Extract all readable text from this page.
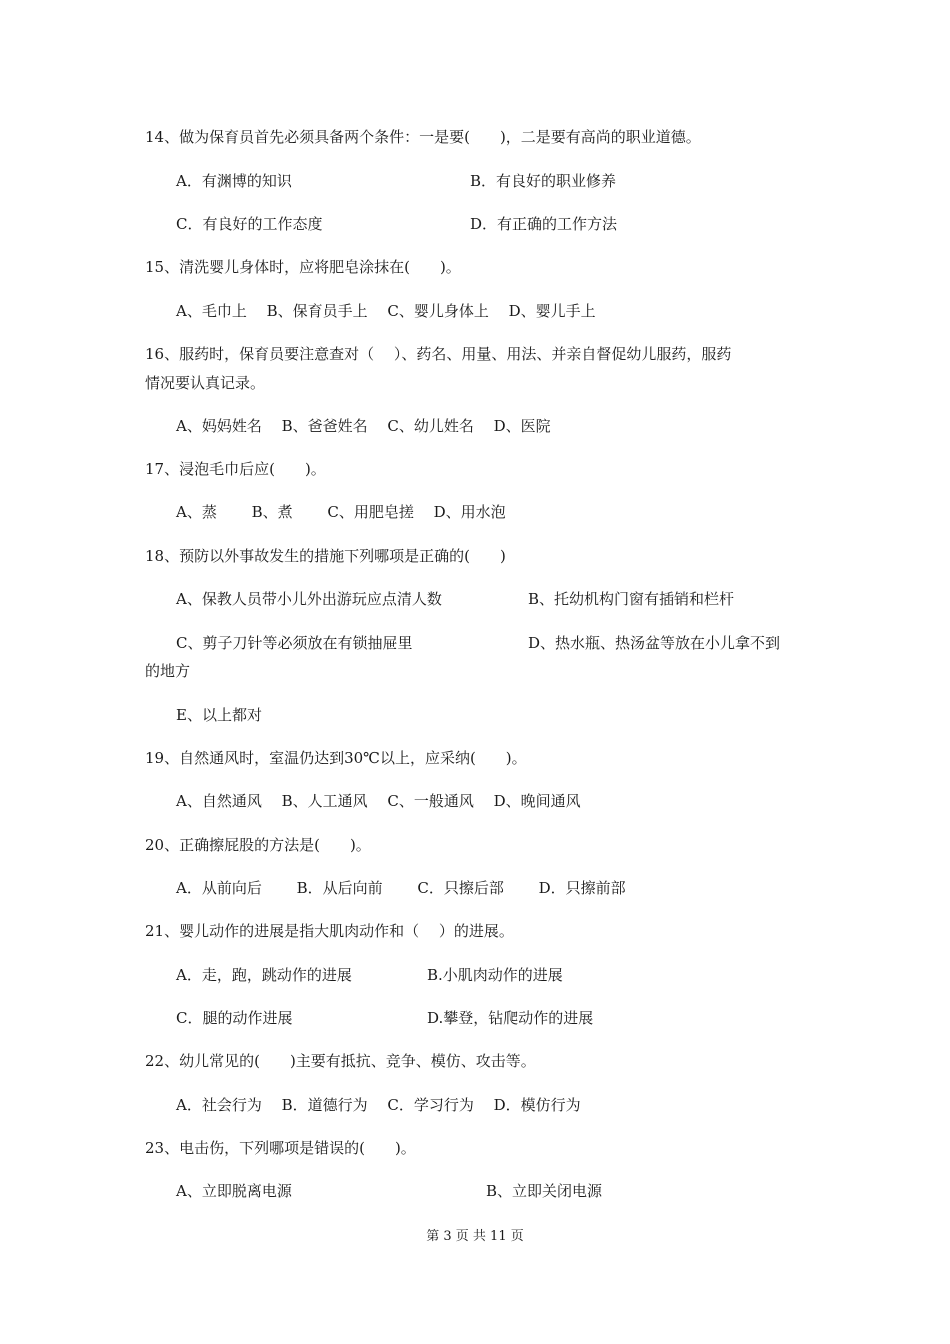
14、做为保育员首先必须具备两个条件：一是要(　　)，二是要有高尚的职业道德。
A．有渊博的知识	B．有良好的职业修养
C．有良好的工作态度	D．有正确的工作方法
15、清洗婴儿身体时，应将肥皂涂抹在(　　)。
A、毛巾上　 B、保育员手上　 C、婴儿身体上　 D、婴儿手上
16、服药时，保育员要注意查对（　 ）、药名、用量、用法、并亲自督促幼儿服药，服药
情况要认真记录。
A、妈妈姓名　 B、爸爸姓名　 C、幼儿姓名　 D、医院
17、浸泡毛巾后应(　　)。
A、蒸　　 B、煮　　 C、用肥皂搓　 D、用水泡
18、预防以外事故发生的措施下列哪项是正确的(　　)
A、保教人员带小儿外出游玩应点清人数	B、托幼机构门窗有插销和栏杆
C、剪子刀针等必须放在有锁抽屉里	D、热水瓶、热汤盆等放在小儿拿不到
的地方
E、以上都对
19、自然通风时，室温仍达到30℃以上，应采纳(　　)。
A、自然通风　 B、人工通风　 C、一般通风　 D、晚间通风
20、正确擦屁股的方法是(　　)。
A．从前向后　　 B．从后向前　　 C．只擦后部　　 D．只擦前部
21、婴儿动作的进展是指大肌肉动作和（　 ）的进展。
A．走，跑，跳动作的进展	B.小肌肉动作的进展
C．腿的动作进展	D.攀登，钻爬动作的进展
22、幼儿常见的(　　)主要有抵抗、竞争、模仿、攻击等。
A．社会行为　 B．道德行为　 C．学习行为　 D．模仿行为
23、电击伤，下列哪项是错误的(　　)。
A、立即脱离电源	B、立即关闭电源
第 3 页 共 11 页
